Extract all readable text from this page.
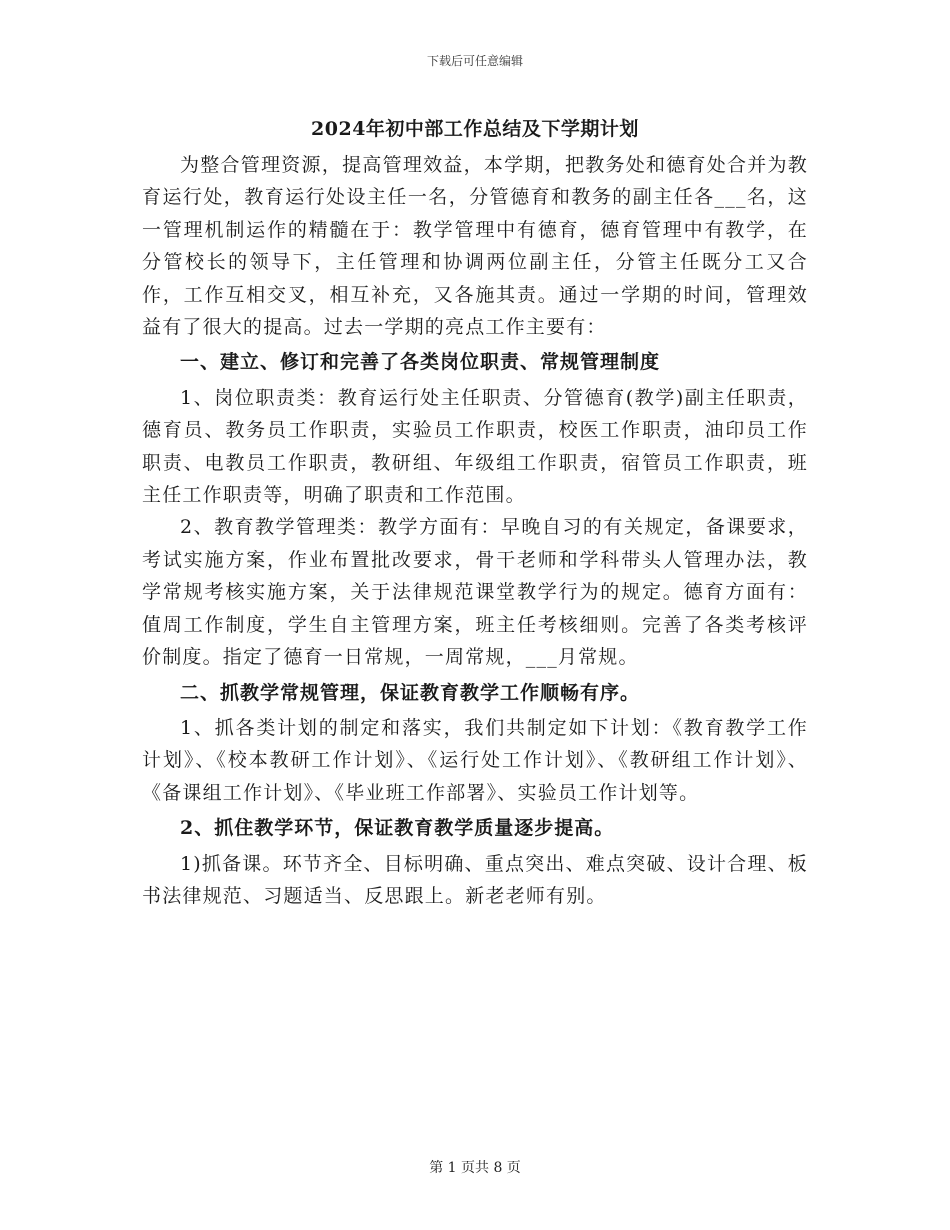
下载后可任意编辑
2024年初中部工作总结及下学期计划

为整合管理资源，提高管理效益，本学期，把教务处和德育处合并为教育运行处，教育运行处设主任一名，分管德育和教务的副主任各___名，这一管理机制运作的精髓在于：教学管理中有德育，德育管理中有教学，在分管校长的领导下，主任管理和协调两位副主任，分管主任既分工又合作，工作互相交叉，相互补充，又各施其责。通过一学期的时间，管理效益有了很大的提高。过去一学期的亮点工作主要有：

一、建立、修订和完善了各类岗位职责、常规管理制度

1、岗位职责类：教育运行处主任职责、分管德育(教学)副主任职责，德育员、教务员工作职责，实验员工作职责，校医工作职责，油印员工作职责、电教员工作职责，教研组、年级组工作职责，宿管员工作职责，班主任工作职责等，明确了职责和工作范围。

2、教育教学管理类：教学方面有：早晚自习的有关规定，备课要求，考试实施方案，作业布置批改要求，骨干老师和学科带头人管理办法，教学常规考核实施方案，关于法律规范课堂教学行为的规定。德育方面有：值周工作制度，学生自主管理方案，班主任考核细则。完善了各类考核评价制度。指定了德育一日常规，一周常规，___月常规。

二、抓教学常规管理，保证教育教学工作顺畅有序。

1、抓各类计划的制定和落实，我们共制定如下计划：《教育教学工作计划》、《校本教研工作计划》、《运行处工作计划》、《教研组工作计划》、《备课组工作计划》、《毕业班工作部署》、实验员工作计划等。

2、抓住教学环节，保证教育教学质量逐步提高。

1)抓备课。环节齐全、目标明确、重点突出、难点突破、设计合理、板书法律规范、习题适当、反思跟上。新老老师有别。

第 1 页共 8 页
